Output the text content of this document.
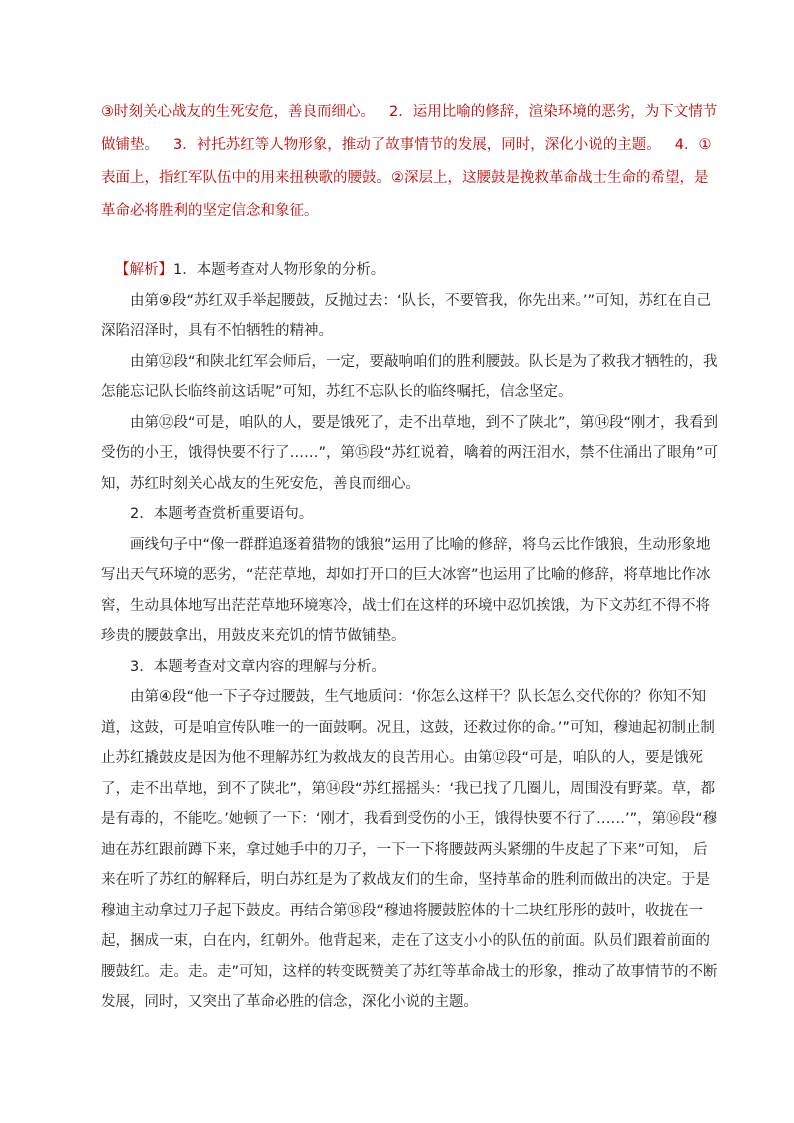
③时刻关心战友的生死安危，善良而细心。 2．运用比喻的修辞，渲染环境的恶劣，为下文情节做铺垫。 3．衬托苏红等人物形象，推动了故事情节的发展，同时，深化小说的主题。 4．①表面上，指红军队伍中的用来扭秧歌的腰鼓。②深层上，这腰鼓是挽救革命战士生命的希望，是革命必将胜利的坚定信念和象征。

【解析】1．本题考查对人物形象的分析。

由第⑨段“苏红双手举起腰鼓，反抛过去：‘队长，不要管我，你先出来。’”可知，苏红在自己深陷沼泽时，具有不怕牺牲的精神。

由第⑫段“和陕北红军会师后，一定，要敲响咱们的胜利腰鼓。队长是为了救我才牺牲的，我怎能忘记队长临终前这话呢”可知，苏红不忘队长的临终嘱托，信念坚定。

由第⑫段“可是，咱队的人，要是饿死了，走不出草地，到不了陕北”，第⑭段“刚才，我看到受伤的小王，饿得快要不行了……”，第⑮段“苏红说着，噙着的两汪泪水，禁不住涌出了眼角”可知，苏红时刻关心战友的生死安危，善良而细心。

2．本题考查赏析重要语句。

画线句子中“像一群群追逐着猎物的饿狼”运用了比喻的修辞，将乌云比作饿狼，生动形象地写出天气环境的恶劣，“茫茫草地，却如打开口的巨大冰窖”也运用了比喻的修辞，将草地比作冰窖，生动具体地写出茫茫草地环境寒冷，战士们在这样的环境中忍饥挨饿，为下文苏红不得不将珍贵的腰鼓拿出，用鼓皮来充饥的情节做铺垫。

3．本题考查对文章内容的理解与分析。

由第④段“他一下子夺过腰鼓，生气地质问：‘你怎么这样干？队长怎么交代你的？你知不知道，这鼓，可是咱宣传队唯一的一面鼓啊。况且，这鼓，还救过你的命。’”可知，穆迪起初制止制止苏红撬鼓皮是因为他不理解苏红为救战友的良苦用心。由第⑫段“可是，咱队的人，要是饿死了，走不出草地，到不了陕北”，第⑭段“苏红摇摇头：‘我已找了几圈儿，周围没有野菜。草，都是有毒的，不能吃。’她顿了一下：‘刚才，我看到受伤的小王，饿得快要不行了……’”，第⑯段“穆迪在苏红跟前蹲下来，拿过她手中的刀子，一下一下将腰鼓两头紧绷的牛皮起了下来”可知， 后来在听了苏红的解释后，明白苏红是为了救战友们的生命，坚持革命的胜利而做出的决定。于是穆迪主动拿过刀子起下鼓皮。再结合第⑱段“穆迪将腰鼓腔体的十二块红彤彤的鼓叶，收拢在一起，捆成一束，白在内，红朝外。他背起来，走在了这支小小的队伍的前面。队员们跟着前面的腰鼓红。走。走。走”可知，这样的转变既赞美了苏红等革命战士的形象，推动了故事情节的不断发展，同时，又突出了革命必胜的信念，深化小说的主题。
